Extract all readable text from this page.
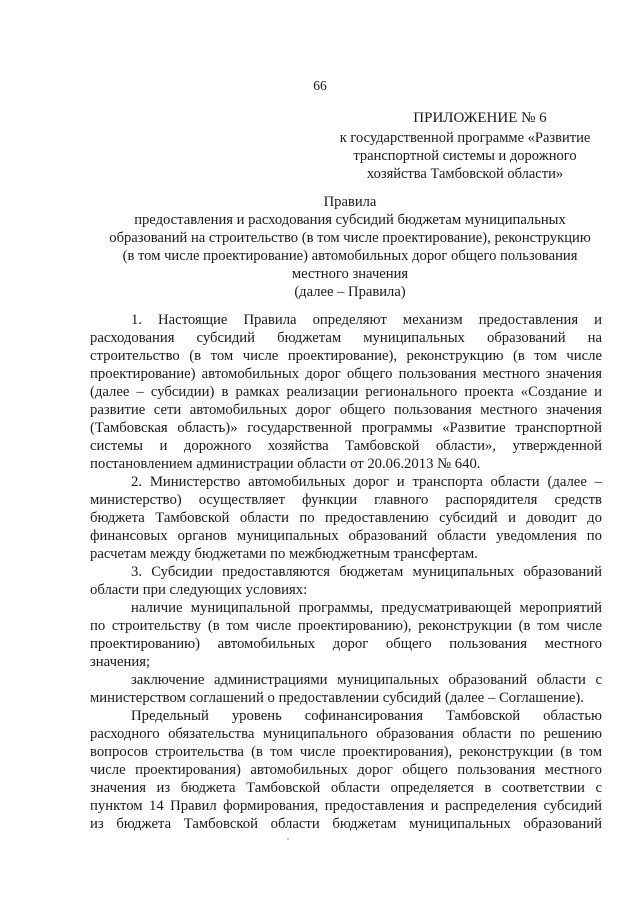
66
ПРИЛОЖЕНИЕ № 6
к государственной программе «Развитие
транспортной системы и дорожного
хозяйства Тамбовской области»
Правила
предоставления и расходования субсидий бюджетам муниципальных
образований на строительство (в том числе проектирование), реконструкцию
(в том числе проектирование) автомобильных дорог общего пользования
местного значения
(далее – Правила)
1. Настоящие Правила определяют механизм предоставления и
расходования субсидий бюджетам муниципальных образований на
строительство (в том числе проектирование), реконструкцию (в том числе
проектирование) автомобильных дорог общего пользования местного значения
(далее – субсидии) в рамках реализации регионального проекта «Создание и
развитие сети автомобильных дорог общего пользования местного значения
(Тамбовская область)» государственной программы «Развитие транспортной
системы и дорожного хозяйства Тамбовской области», утвержденной
постановлением администрации области от 20.06.2013 № 640.
2. Министерство автомобильных дорог и транспорта области (далее –
министерство) осуществляет функции главного распорядителя средств
бюджета Тамбовской области по предоставлению субсидий и доводит до
финансовых органов муниципальных образований области уведомления по
расчетам между бюджетами по межбюджетным трансфертам.
3. Субсидии предоставляются бюджетам муниципальных образований
области при следующих условиях:
наличие муниципальной программы, предусматривающей мероприятий
по строительству (в том числе проектированию), реконструкции (в том числе
проектированию) автомобильных дорог общего пользования местного
значения;
заключение администрациями муниципальных образований области с
министерством соглашений о предоставлении субсидий (далее – Соглашение).
Предельный уровень софинансирования Тамбовской областью
расходного обязательства муниципального образования области по решению
вопросов строительства (в том числе проектирования), реконструкции (в том
числе проектирования) автомобильных дорог общего пользования местного
значения из бюджета Тамбовской области определяется в соответствии с
пунктом 14 Правил формирования, предоставления и распределения субсидий
из бюджета Тамбовской области бюджетам муниципальных образований
